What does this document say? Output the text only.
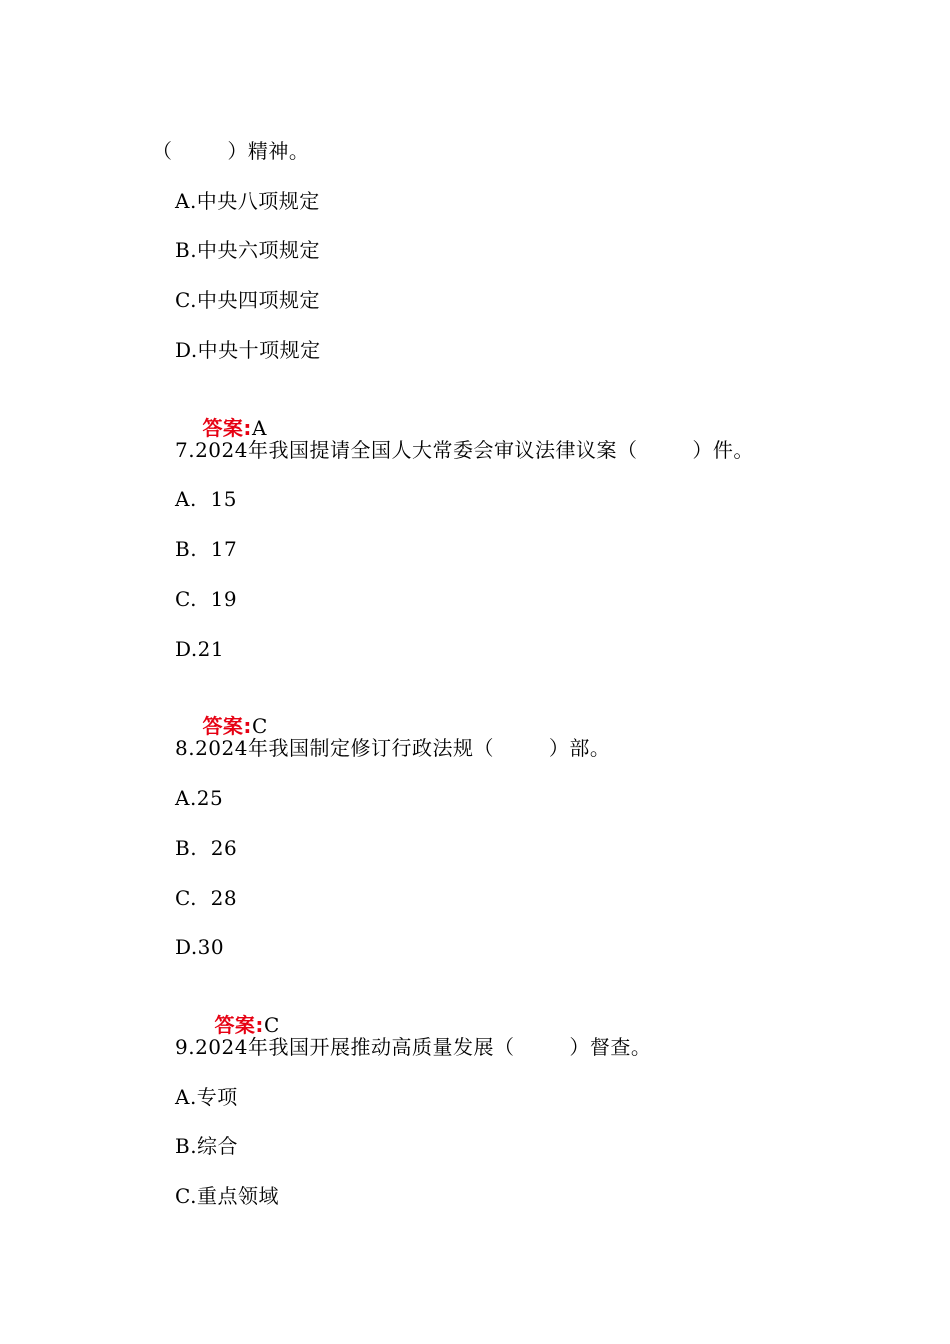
（        ）精神。
A.中央八项规定
B.中央六项规定
C.中央四项规定
D.中央十项规定

答案:A

7.2024年我国提请全国人大常委会审议法律议案（        ）件。
A.  15
B.  17
C.  19
D.21

答案:C

8.2024年我国制定修订行政法规（        ）部。
A.25
B.  26
C.  28
D.30

答案:C

9.2024年我国开展推动高质量发展（        ）督查。
A.专项
B.综合
C.重点领域
